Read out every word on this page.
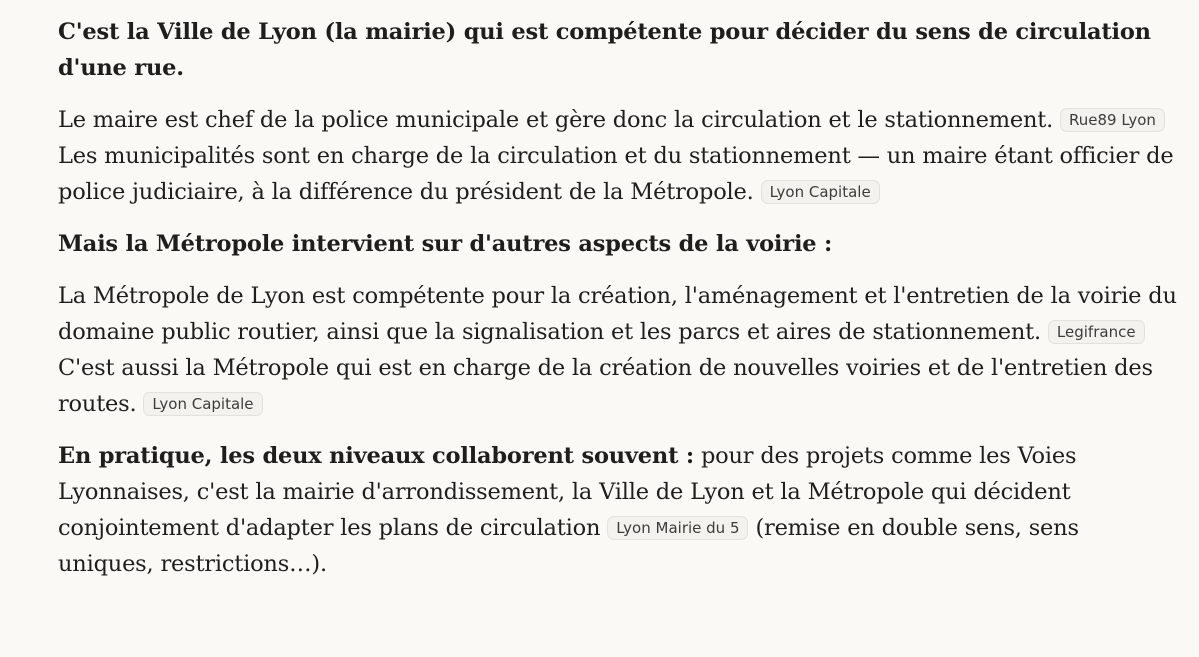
C'est la Ville de Lyon (la mairie) qui est compétente pour décider du sens de circulation d'une rue.

Le maire est chef de la police municipale et gère donc la circulation et le stationnement. Rue89 Lyon Les municipalités sont en charge de la circulation et du stationnement — un maire étant officier de police judiciaire, à la différence du président de la Métropole. Lyon Capitale

Mais la Métropole intervient sur d'autres aspects de la voirie :

La Métropole de Lyon est compétente pour la création, l'aménagement et l'entretien de la voirie du domaine public routier, ainsi que la signalisation et les parcs et aires de stationnement. Legifrance C'est aussi la Métropole qui est en charge de la création de nouvelles voiries et de l'entretien des routes. Lyon Capitale

En pratique, les deux niveaux collaborent souvent : pour des projets comme les Voies Lyonnaises, c'est la mairie d'arrondissement, la Ville de Lyon et la Métropole qui décident conjointement d'adapter les plans de circulation Lyon Mairie du 5 (remise en double sens, sens uniques, restrictions…).
